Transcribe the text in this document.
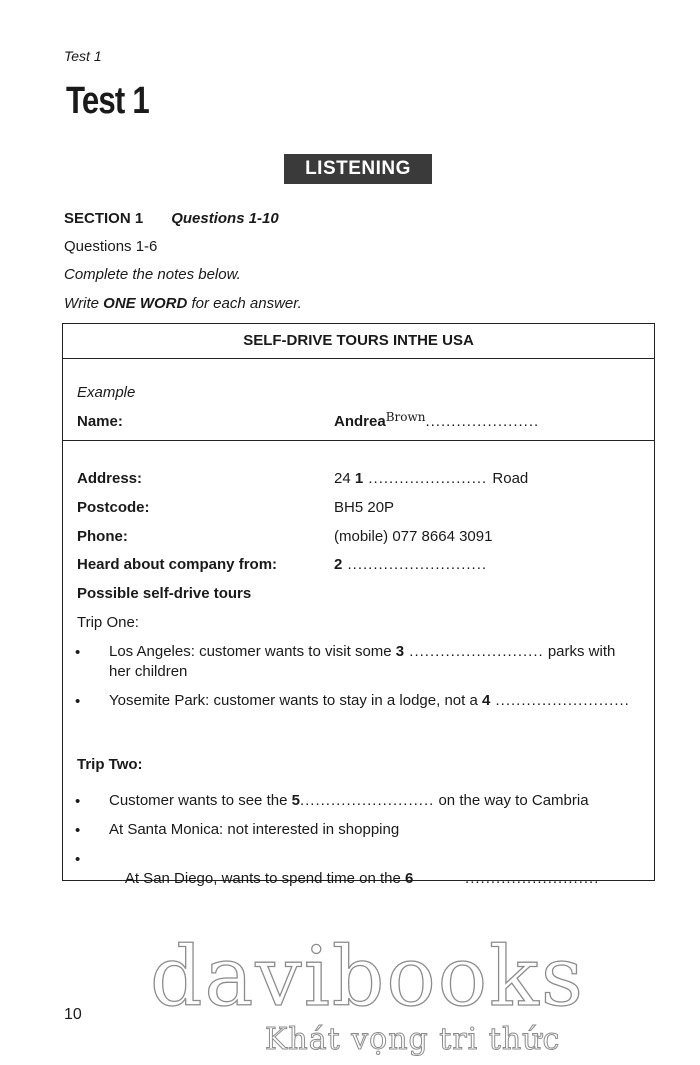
Test 1
Test 1
LISTENING
SECTION 1 Questions 1-10
Questions 1-6
Complete the notes below.
Write ONE WORD for each answer.
SELF-DRIVE TOURS INTHE USA
Example
Name:	Andrea$^{Brown}$......................
Address:	24 1 ....................... Road
Postcode:	BH5 20P
Phone:	(mobile) 077 8664 3091
Heard about company from:	2 ...........................
Possible self-drive tours
Trip One:
• Los Angeles: customer wants to visit some 3 .......................... parks with her children
• Yosemite Park: customer wants to stay in a lodge, not a 4 ..........................
Trip Two:
• Customer wants to see the 5.......................... on the way to Cambria
• At Santa Monica: not interested in shopping
•

At San Diego, wants to spend time on the 6          ..........................

davibooks
Khát vọng tri thức
10
